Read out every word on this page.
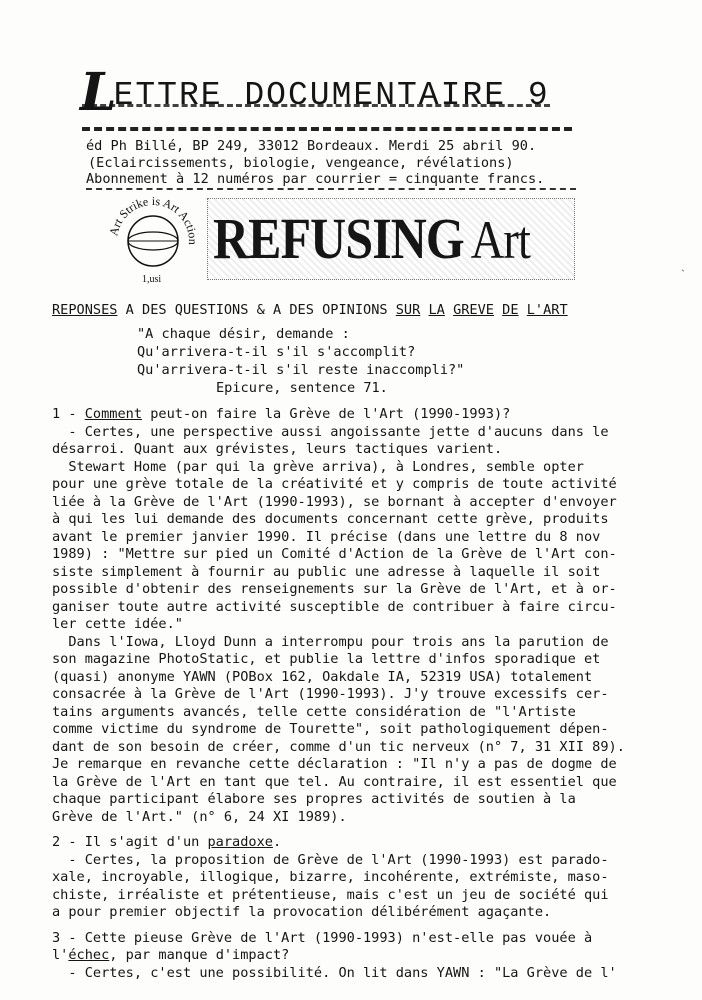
LETTRE DOCUMENTAIRE 9
éd Ph Billé, BP 249, 33012 Bordeaux. Merdi 25 abril 90.
(Eclaircissements, biologie, vengeance, révélations)
Abonnement à 12 numéros par courrier = cinquante francs.
Art Strike is Art Action
1,usi
REFUSING Art
ˋ
REPONSES A DES QUESTIONS & A DES OPINIONS SUR LA GREVE DE L'ART
"A chaque désir, demande :
Qu'arrivera-t-il s'il s'accomplit?
Qu'arrivera-t-il s'il reste inaccompli?"
Epicure, sentence 71.
1 - Comment peut-on faire la Grève de l'Art (1990-1993)?
- Certes, une perspective aussi angoissante jette d'aucuns dans le
désarroi. Quant aux grévistes, leurs tactiques varient.
Stewart Home (par qui la grève arriva), à Londres, semble opter
pour une grève totale de la créativité et y compris de toute activité
liée à la Grève de l'Art (1990-1993), se bornant à accepter d'envoyer
à qui les lui demande des documents concernant cette grève, produits
avant le premier janvier 1990. Il précise (dans une lettre du 8 nov
1989) : "Mettre sur pied un Comité d'Action de la Grève de l'Art con-
siste simplement à fournir au public une adresse à laquelle il soit
possible d'obtenir des renseignements sur la Grève de l'Art, et à or-
ganiser toute autre activité susceptible de contribuer à faire circu-
ler cette idée."
Dans l'Iowa, Lloyd Dunn a interrompu pour trois ans la parution de
son magazine PhotoStatic, et publie la lettre d'infos sporadique et
(quasi) anonyme YAWN (POBox 162, Oakdale IA, 52319 USA) totalement
consacrée à la Grève de l'Art (1990-1993). J'y trouve excessifs cer-
tains arguments avancés, telle cette considération de "l'Artiste
comme victime du syndrome de Tourette", soit pathologiquement dépen-
dant de son besoin de créer, comme d'un tic nerveux (n° 7, 31 XII 89).
Je remarque en revanche cette déclaration : "Il n'y a pas de dogme de
la Grève de l'Art en tant que tel. Au contraire, il est essentiel que
chaque participant élabore ses propres activités de soutien à la
Grève de l'Art." (n° 6, 24 XI 1989).
2 - Il s'agit d'un paradoxe.
- Certes, la proposition de Grève de l'Art (1990-1993) est parado-
xale, incroyable, illogique, bizarre, incohérente, extrémiste, maso-
chiste, irréaliste et prétentieuse, mais c'est un jeu de société qui
a pour premier objectif la provocation délibérément agaçante.
3 - Cette pieuse Grève de l'Art (1990-1993) n'est-elle pas vouée à
l'échec, par manque d'impact?
- Certes, c'est une possibilité. On lit dans YAWN : "La Grève de l'
